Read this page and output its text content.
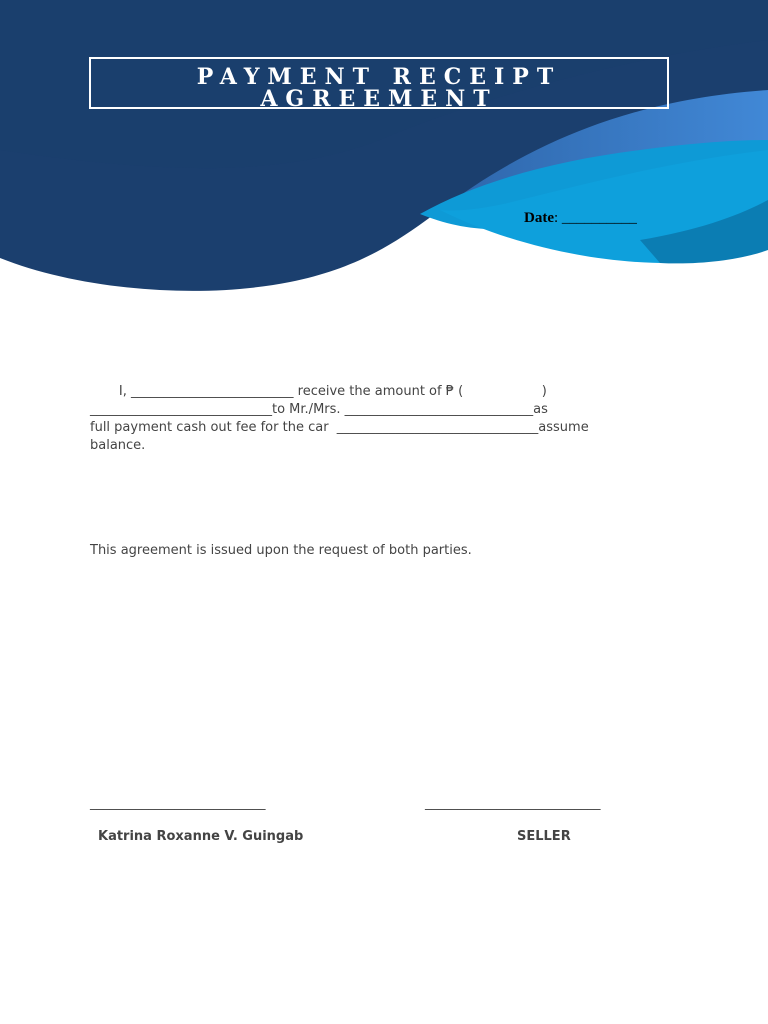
PAYMENT RECEIPT
AGREEMENT
Date: __________
I, _________________________ receive the amount of ₱ (                   )
____________________________to Mr./Mrs. _____________________________as
full payment cash out fee for the car  _______________________________assume
balance.
This agreement is issued upon the request of both parties.
___________________________	___________________________
Katrina Roxanne V. Guingab	SELLER
